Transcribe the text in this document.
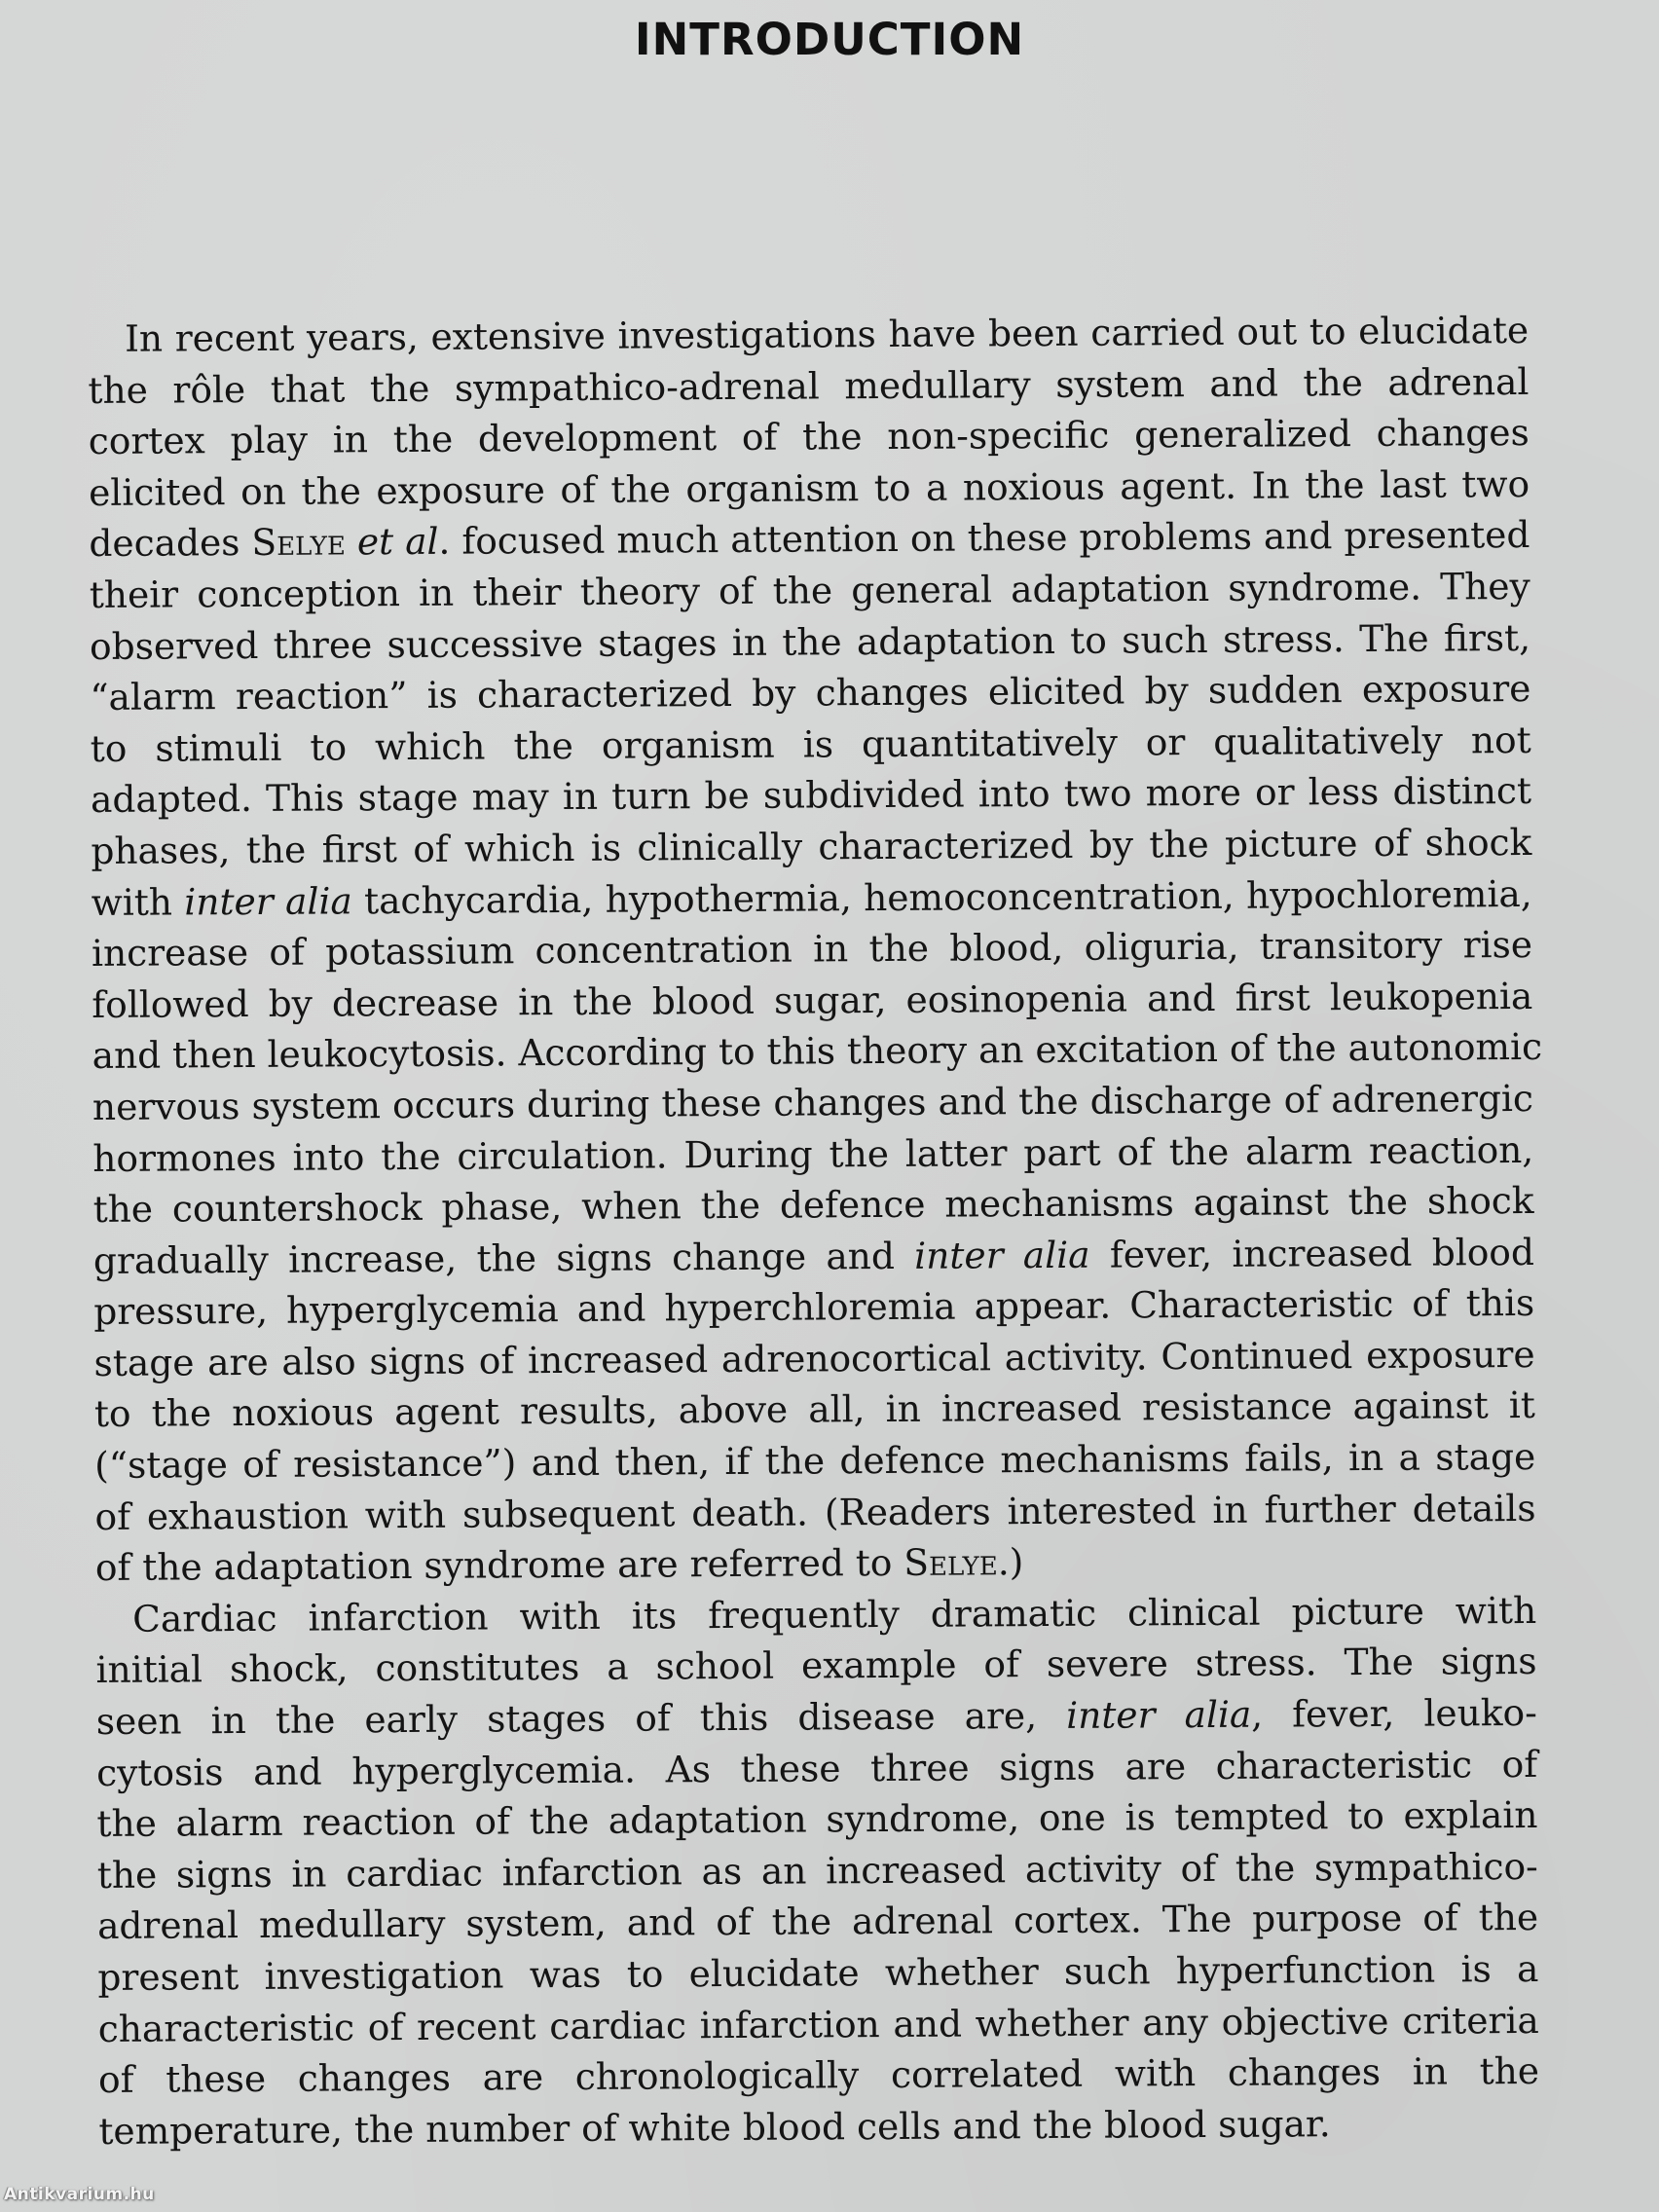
INTRODUCTION
In recent years, extensive investigations have been carried out to elucidate
the rôle that the sympathico-adrenal medullary system and the adrenal
cortex play in the development of the non-specific generalized changes
elicited on the exposure of the organism to a noxious agent. In the last two
decades Selye et al. focused much attention on these problems and presented
their conception in their theory of the general adaptation syndrome. They
observed three successive stages in the adaptation to such stress. The first,
“alarm reaction” is characterized by changes elicited by sudden exposure
to stimuli to which the organism is quantitatively or qualitatively not
adapted. This stage may in turn be subdivided into two more or less distinct
phases, the first of which is clinically characterized by the picture of shock
with inter alia tachycardia, hypothermia, hemoconcentration, hypochloremia,
increase of potassium concentration in the blood, oliguria, transitory rise
followed by decrease in the blood sugar, eosinopenia and first leukopenia
and then leukocytosis. According to this theory an excitation of the autonomic
nervous system occurs during these changes and the discharge of adrenergic
hormones into the circulation. During the latter part of the alarm reaction,
the countershock phase, when the defence mechanisms against the shock
gradually increase, the signs change and inter alia fever, increased blood
pressure, hyperglycemia and hyperchloremia appear. Characteristic of this
stage are also signs of increased adrenocortical activity. Continued exposure
to the noxious agent results, above all, in increased resistance against it
(“stage of resistance”) and then, if the defence mechanisms fails, in a stage
of exhaustion with subsequent death. (Readers interested in further details
of the adaptation syndrome are referred to Selye.)
Cardiac infarction with its frequently dramatic clinical picture with
initial shock, constitutes a school example of severe stress. The signs
seen in the early stages of this disease are, inter alia, fever, leuko-
cytosis and hyperglycemia. As these three signs are characteristic of
the alarm reaction of the adaptation syndrome, one is tempted to explain
the signs in cardiac infarction as an increased activity of the sympathico-
adrenal medullary system, and of the adrenal cortex. The purpose of the
present investigation was to elucidate whether such hyperfunction is a
characteristic of recent cardiac infarction and whether any objective criteria
of these changes are chronologically correlated with changes in the
temperature, the number of white blood cells and the blood sugar.
Antikvarium.hu
